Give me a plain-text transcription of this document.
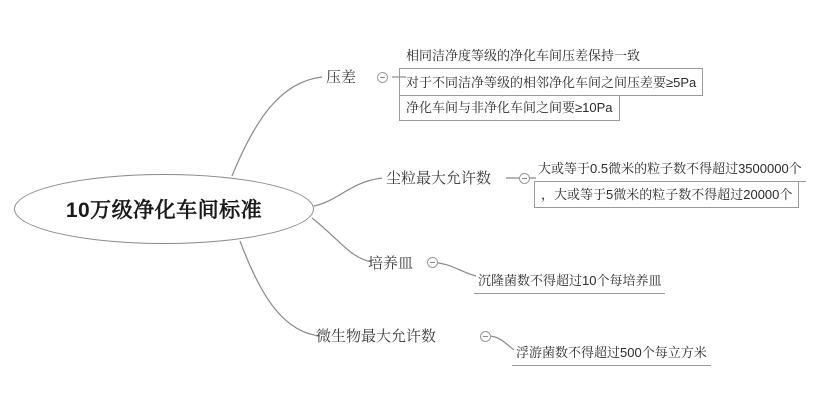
10万级净化车间标准
压差
相同洁净度等级的净化车间压差保持一致
对于不同洁净等级的相邻净化车间之间压差要≥5Pa
净化车间与非净化车间之间要≥10Pa
尘粒最大允许数
大或等于0.5微米的粒子数不得超过3500000个
，大或等于5微米的粒子数不得超过20000个
培养皿
沉隆菌数不得超过10个每培养皿
微生物最大允许数
浮游菌数不得超过500个每立方米
